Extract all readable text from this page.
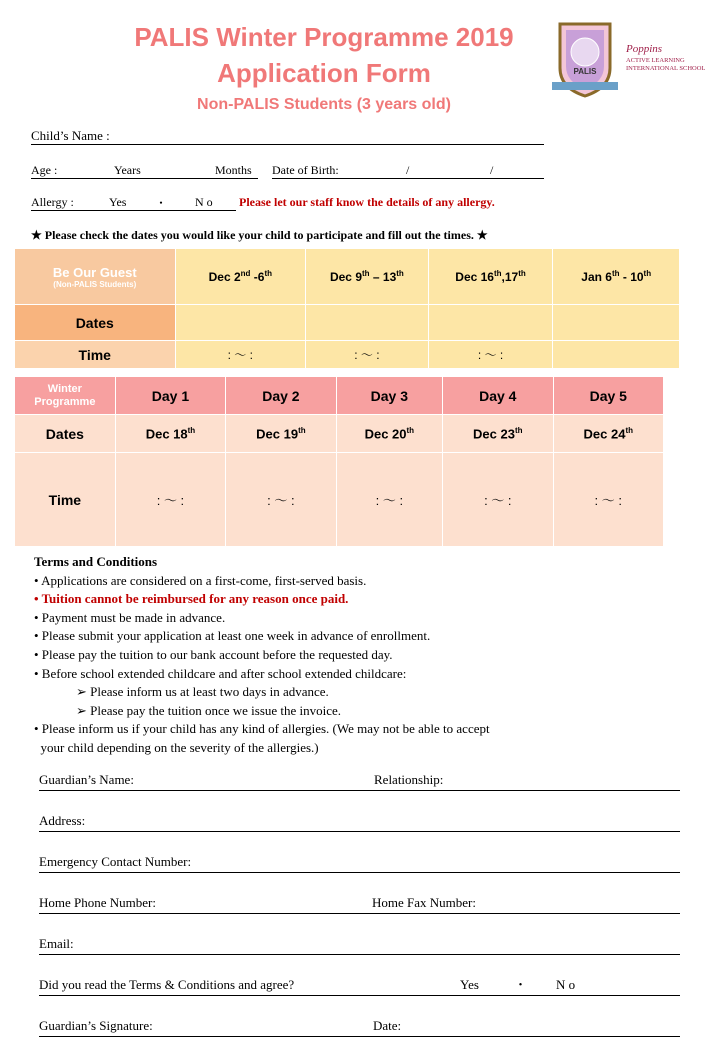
PALIS Winter Programme 2019
Application Form
Non-PALIS Students (3 years old)
PALIS
Poppins
ACTIVE LEARNING
INTERNATIONAL SCHOOL
Child’s Name :
Age :	Years	Months Date of Birth:	/	/
Allergy :	Yes ・ N o Please let our staff know the details of any allergy.
★ Please check the dates you would like your child to participate and fill out the times. ★
Be Our Guest
(Non-PALIS Students)	Dec 2nd -6th	Dec 9th – 13th	Dec 16th,17th	Jan 6th - 10th
Dates				
Time	: 〜 :	: 〜 :	: 〜 :	
Winter
Programme	Day 1	Day 2	Day 3	Day 4	Day 5
Dates	Dec 18th	Dec 19th	Dec 20th	Dec 23th	Dec 24th
Time	: 〜 :	: 〜 :	: 〜 :	: 〜 :	: 〜 :
Terms and Conditions
• Applications are considered on a first-come, first-served basis.
• Tuition cannot be reimbursed for any reason once paid.
• Payment must be made in advance.
• Please submit your application at least one week in advance of enrollment.
• Please pay the tuition to our bank account before the requested day.
• Before school extended childcare and after school extended childcare:
➢ Please inform us at least two days in advance.
➢ Please pay the tuition once we issue the invoice.
• Please inform us if your child has any kind of allergies. (We may not be able to accept
your child depending on the severity of the allergies.)
Guardian’s Name:	Relationship:
Address:
Emergency Contact Number:
Home Phone Number:	Home Fax Number:
Email:
Did you read the Terms & Conditions and agree?	Yes	・ N o
Guardian’s Signature:	Date:
